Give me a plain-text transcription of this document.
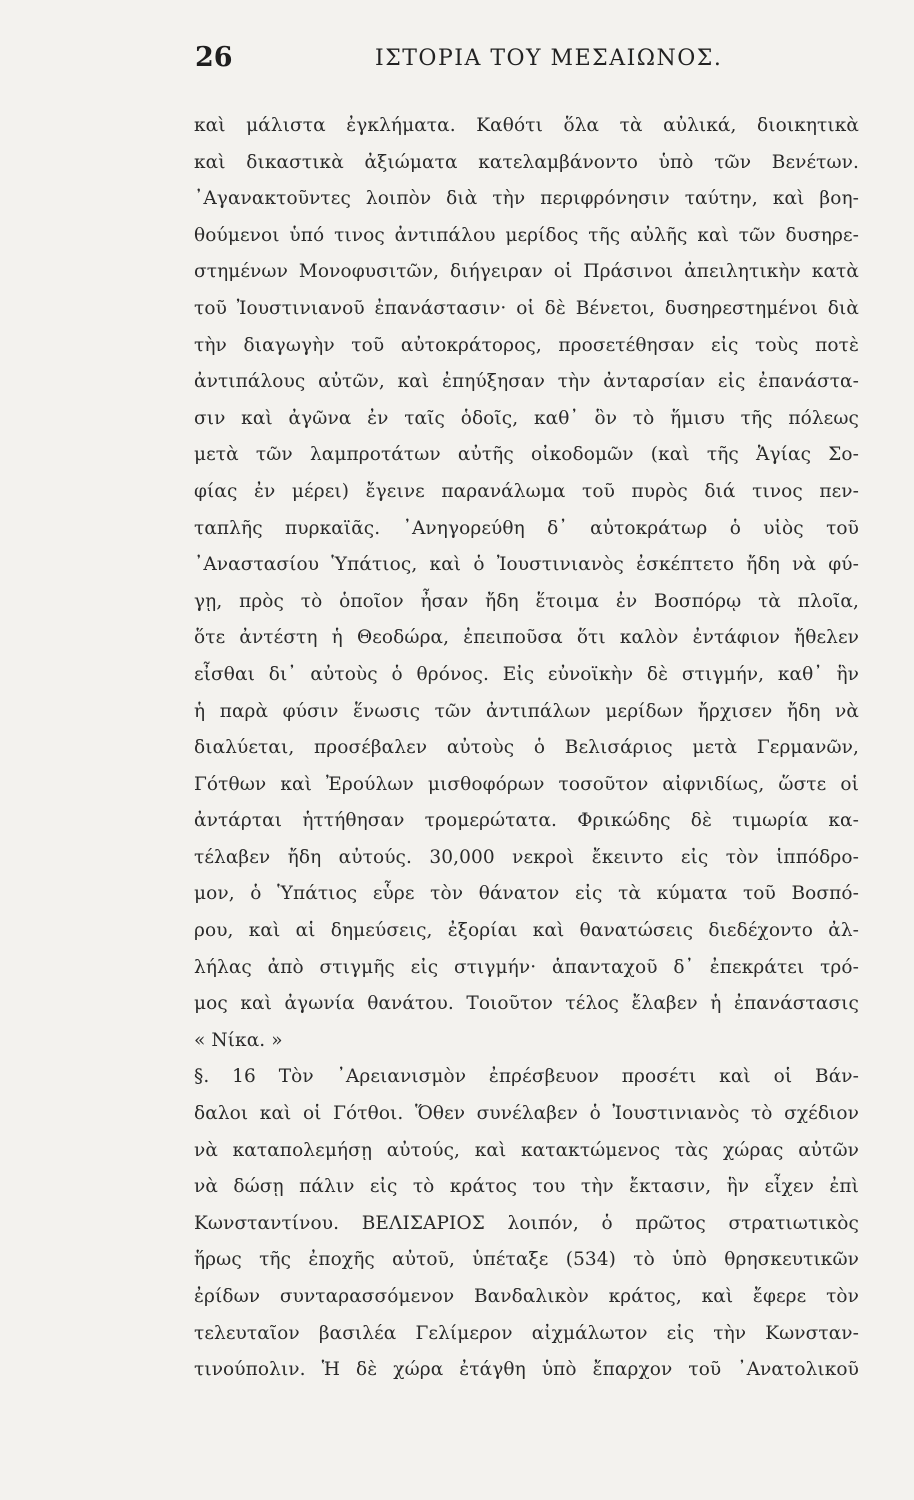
26	ΙΣΤΟΡΙΑ ΤΟΥ ΜΕΣΑΙΩΝΟΣ.
καὶ μάλιστα ἐγκλήματα. Καθότι ὅλα τὰ αὐλικά, διοικητικὰ
καὶ δικαστικὰ ἀξιώματα κατελαμβάνοντο ὑπὸ τῶν Βενέτων.
᾿Αγανακτοῦντες λοιπὸν διὰ τὴν περιφρόνησιν ταύτην, καὶ βοη-
θούμενοι ὑπό τινος ἀντιπάλου μερίδος τῆς αὐλῆς καὶ τῶν δυσηρε-
στημένων Μονοφυσιτῶν, διήγειραν οἱ Πράσινοι ἀπειλητικὴν κατὰ
τοῦ Ἰουστινιανοῦ ἐπανάστασιν· οἱ δὲ Βένετοι, δυσηρεστημένοι διὰ
τὴν διαγωγὴν τοῦ αὐτοκράτορος, προσετέθησαν εἰς τοὺς ποτὲ
ἀντιπάλους αὐτῶν, καὶ ἐπηύξησαν τὴν ἀνταρσίαν εἰς ἐπανάστα-
σιν καὶ ἀγῶνα ἐν ταῖς ὁδοῖς, καθ᾿ ὃν τὸ ἥμισυ τῆς πόλεως
μετὰ τῶν λαμπροτάτων αὐτῆς οἰκοδομῶν (καὶ τῆς Ἁγίας Σο-
φίας ἐν μέρει) ἔγεινε παρανάλωμα τοῦ πυρὸς διά τινος πεν-
ταπλῆς πυρκαϊᾶς. ᾿Ανηγορεύθη δ᾿ αὐτοκράτωρ ὁ υἱὸς τοῦ
᾿Αναστασίου Ὑπάτιος, καὶ ὁ Ἰουστινιανὸς ἐσκέπτετο ἤδη νὰ φύ-
γῃ, πρὸς τὸ ὁποῖον ἦσαν ἤδη ἕτοιμα ἐν Βοσπόρῳ τὰ πλοῖα,
ὅτε ἀντέστη ἡ Θεοδώρα, ἐπειποῦσα ὅτι καλὸν ἐντάφιον ἤθελεν
εἶσθαι δι᾿ αὐτοὺς ὁ θρόνος. Εἰς εὐνοϊκὴν δὲ στιγμήν, καθ᾿ ἣν
ἡ παρὰ φύσιν ἕνωσις τῶν ἀντιπάλων μερίδων ἤρχισεν ἤδη νὰ
διαλύεται, προσέβαλεν αὐτοὺς ὁ Βελισάριος μετὰ Γερμανῶν,
Γότθων καὶ Ἐρούλων μισθοφόρων τοσοῦτον αἰφνιδίως, ὥστε οἱ
ἀντάρται ἡττήθησαν τρομερώτατα. Φρικώδης δὲ τιμωρία κα-
τέλαβεν ἤδη αὐτούς. 30,000 νεκροὶ ἔκειντο εἰς τὸν ἱππόδρο-
μον, ὁ Ὑπάτιος εὗρε τὸν θάνατον εἰς τὰ κύματα τοῦ Βοσπό-
ρου, καὶ αἱ δημεύσεις, ἐξορίαι καὶ θανατώσεις διεδέχοντο ἀλ-
λήλας ἀπὸ στιγμῆς εἰς στιγμήν· ἁπανταχοῦ δ᾿ ἐπεκράτει τρό-
μος καὶ ἀγωνία θανάτου. Τοιοῦτον τέλος ἔλαβεν ἡ ἐπανάστασις
« Νίκα. »
§. 16 Τὸν ᾿Αρειανισμὸν ἐπρέσβευον προσέτι καὶ οἱ Βάν-
δαλοι καὶ οἱ Γότθοι. Ὅθεν συνέλαβεν ὁ Ἰουστινιανὸς τὸ σχέδιον
νὰ καταπολεμήσῃ αὐτούς, καὶ κατακτώμενος τὰς χώρας αὐτῶν
νὰ δώσῃ πάλιν εἰς τὸ κράτος του τὴν ἔκτασιν, ἣν εἶχεν ἐπὶ
Κωνσταντίνου. ΒΕΛΙΣΑΡΙΟΣ λοιπόν, ὁ πρῶτος στρατιωτικὸς
ἥρως τῆς ἐποχῆς αὐτοῦ, ὑπέταξε (534) τὸ ὑπὸ θρησκευτικῶν
ἐρίδων συνταρασσόμενον Βανδαλικὸν κράτος, καὶ ἔφερε τὸν
τελευταῖον βασιλέα Γελίμερον αἰχμάλωτον εἰς τὴν Κωνσταν-
τινούπολιν. Ἡ δὲ χώρα ἐτάγθη ὑπὸ ἔπαρχον τοῦ ᾿Ανατολικοῦ
